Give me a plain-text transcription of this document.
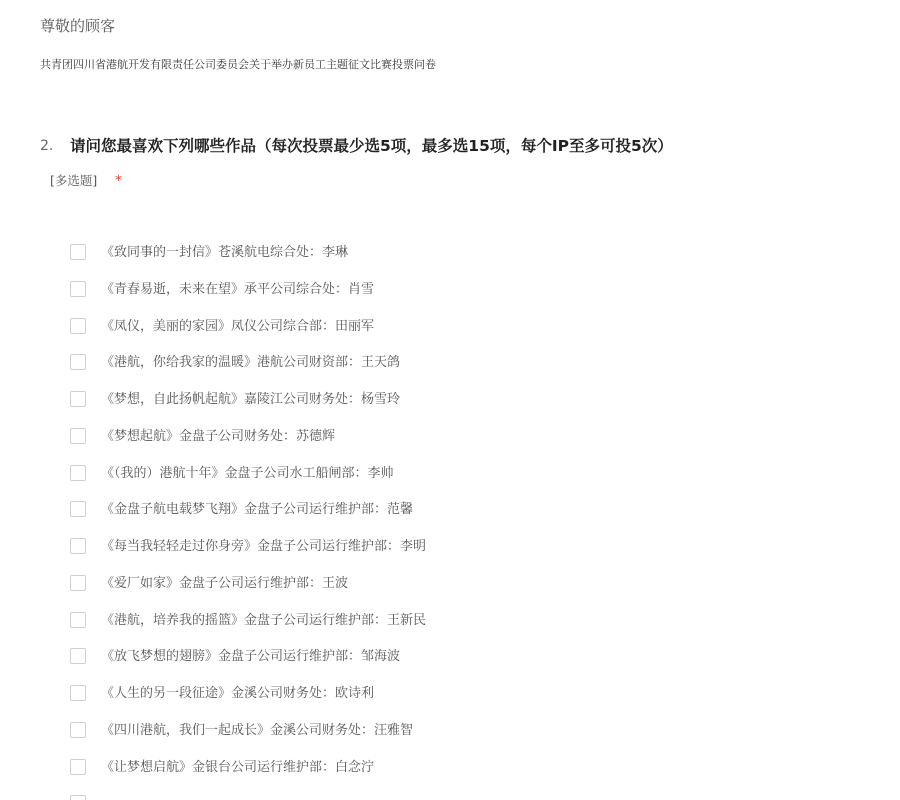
尊敬的顾客
共青团四川省港航开发有限责任公司委员会关于举办新员工主题征文比赛投票问卷
2. 请问您最喜欢下列哪些作品（每次投票最少选5项，最多选15项，每个IP至多可投5次）
[多选题] *
《致同事的一封信》苍溪航电综合处：李琳
《青春易逝，未来在望》承平公司综合处：肖雪
《凤仪，美丽的家园》凤仪公司综合部：田丽军
《港航，你给我家的温暖》港航公司财资部：王天鸽
《梦想，自此扬帆起航》嘉陵江公司财务处：杨雪玲
《梦想起航》金盘子公司财务处：苏德辉
《（我的）港航十年》金盘子公司水工船闸部：李帅
《金盘子航电载梦飞翔》金盘子公司运行维护部：范馨
《每当我轻轻走过你身旁》金盘子公司运行维护部：李明
《爱厂如家》金盘子公司运行维护部：王波
《港航，培养我的摇篮》金盘子公司运行维护部：王新民
《放飞梦想的翅膀》金盘子公司运行维护部：邹海波
《人生的另一段征途》金溪公司财务处：欧诗利
《四川港航，我们一起成长》金溪公司财务处：汪雅智
《让梦想启航》金银台公司运行维护部：白念泞
